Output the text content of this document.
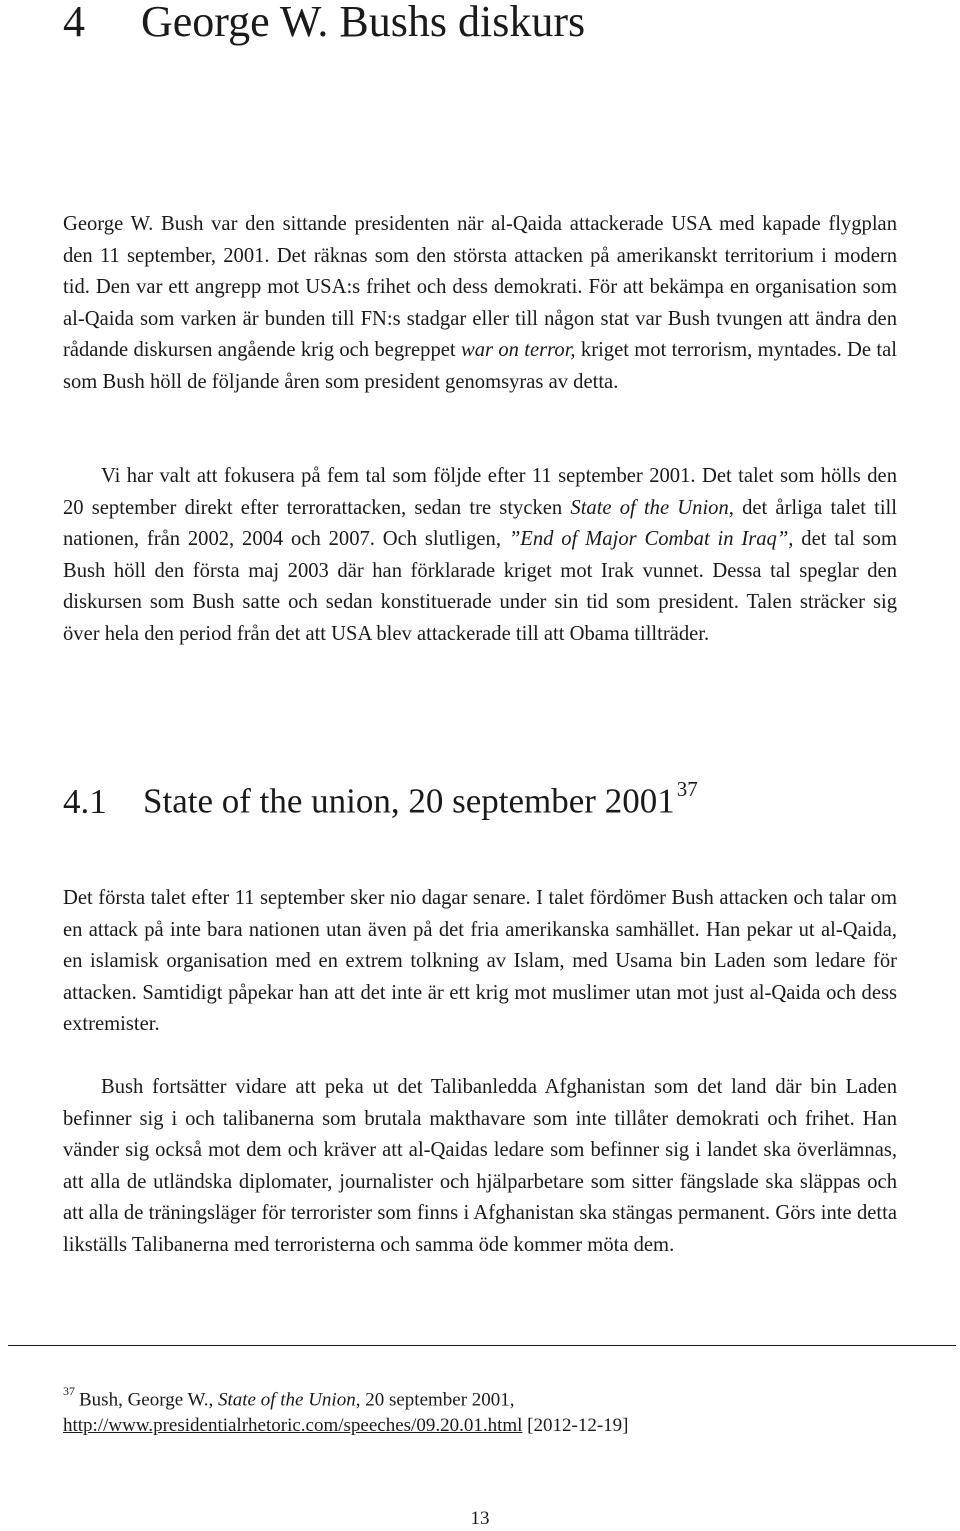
4 George W. Bushs diskurs

George W. Bush var den sittande presidenten när al-Qaida attackerade USA med kapade flygplan den 11 september, 2001. Det räknas som den största attacken på amerikanskt territorium i modern tid. Den var ett angrepp mot USA:s frihet och dess demokrati. För att bekämpa en organisation som al-Qaida som varken är bunden till FN:s stadgar eller till någon stat var Bush tvungen att ändra den rådande diskursen angående krig och begreppet war on terror, kriget mot terrorism, myntades. De tal som Bush höll de följande åren som president genomsyras av detta.

Vi har valt att fokusera på fem tal som följde efter 11 september 2001. Det talet som hölls den 20 september direkt efter terrorattacken, sedan tre stycken State of the Union, det årliga talet till nationen, från 2002, 2004 och 2007. Och slutligen, ”End of Major Combat in Iraq”, det tal som Bush höll den första maj 2003 där han förklarade kriget mot Irak vunnet. Dessa tal speglar den diskursen som Bush satte och sedan konstituerade under sin tid som president. Talen sträcker sig över hela den period från det att USA blev attackerade till att Obama tillträder.

4.1 State of the union, 20 september 2001$^{37}$

Det första talet efter 11 september sker nio dagar senare. I talet fördömer Bush attacken och talar om en attack på inte bara nationen utan även på det fria amerikanska samhället. Han pekar ut al-Qaida, en islamisk organisation med en extrem tolkning av Islam, med Usama bin Laden som ledare för attacken. Samtidigt påpekar han att det inte är ett krig mot muslimer utan mot just al-Qaida och dess extremister.

Bush fortsätter vidare att peka ut det Talibanledda Afghanistan som det land där bin Laden befinner sig i och talibanerna som brutala makthavare som inte tillåter demokrati och frihet. Han vänder sig också mot dem och kräver att al-Qaidas ledare som befinner sig i landet ska överlämnas, att alla de utländska diplomater, journalister och hjälparbetare som sitter fängslade ska släppas och att alla de träningsläger för terrorister som finns i Afghanistan ska stängas permanent. Görs inte detta likställs Talibanerna med terroristerna och samma öde kommer möta dem.

$^{37}$ Bush, George W., State of the Union, 20 september 2001,
http://www.presidentialrhetoric.com/speeches/09.20.01.html [2012-12-19]
13
